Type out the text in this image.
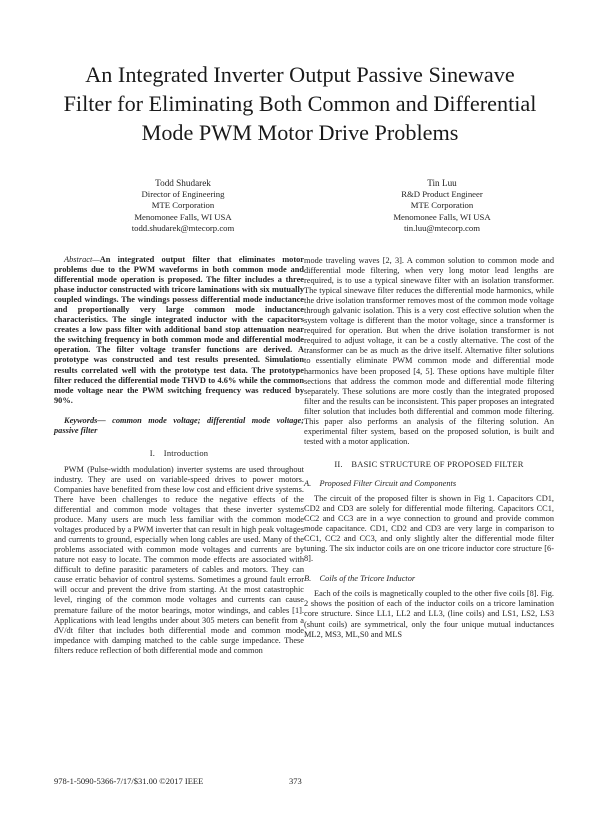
An Integrated Inverter Output Passive Sinewave
Filter for Eliminating Both Common and Differential
Mode PWM Motor Drive Problems
Todd Shudarek
Director of Engineering
MTE Corporation
Menomonee Falls, WI USA
todd.shudarek@mtecorp.com
Tin Luu
R&D Product Engineer
MTE Corporation
Menomonee Falls, WI USA
tin.luu@mtecorp.com

Abstract—An integrated output filter that eliminates motor problems due to the PWM waveforms in both common mode and differential mode operation is proposed. The filter includes a three phase inductor constructed with tricore laminations with six mutually coupled windings. The windings possess differential mode inductance and proportionally very large common mode inductance characteristics. The single integrated inductor with the capacitors creates a low pass filter with additional band stop attenuation near the switching frequency in both common mode and differential mode operation. The filter voltage transfer functions are derived. A prototype was constructed and test results presented. Simulation results correlated well with the prototype test data. The prototype filter reduced the differential mode THVD to 4.6% while the common mode voltage near the PWM switching frequency was reduced by 90%.

Keywords— common mode voltage; differential mode voltage; passive filter

I. Introduction

PWM (Pulse-width modulation) inverter systems are used throughout industry. They are used on variable-speed drives to power motors. Companies have benefited from these low cost and efficient drive systems. There have been challenges to reduce the negative effects of the differential and common mode voltages that these inverter systems produce. Many users are much less familiar with the common mode voltages produced by a PWM inverter that can result in high peak voltages and currents to ground, especially when long cables are used. Many of the problems associated with common mode voltages and currents are by nature not easy to locate. The common mode effects are associated with difficult to define parasitic parameters of cables and motors. They can cause erratic behavior of control systems. Sometimes a ground fault error will occur and prevent the drive from starting. At the most catastrophic level, ringing of the common mode voltages and currents can cause premature failure of the motor bearings, motor windings, and cables [1]. Applications with lead lengths under about 305 meters can benefit from a dV/dt filter that includes both differential mode and common mode impedance with damping matched to the cable surge impedance. These filters reduce reflection of both differential mode and common

mode traveling waves [2, 3]. A common solution to common mode and differential mode filtering, when very long motor lead lengths are required, is to use a typical sinewave filter with an isolation transformer. The typical sinewave filter reduces the differential mode harmonics, while the drive isolation transformer removes most of the common mode voltage through galvanic isolation. This is a very cost effective solution when the system voltage is different than the motor voltage, since a transformer is required for operation. But when the drive isolation transformer is not required to adjust voltage, it can be a costly alternative. The cost of the transformer can be as much as the drive itself. Alternative filter solutions to essentially eliminate PWM common mode and differential mode harmonics have been proposed [4, 5]. These options have multiple filter sections that address the common mode and differential mode filtering separately. These solutions are more costly than the integrated proposed filter and the results can be inconsistent. This paper proposes an integrated filter solution that includes both differential and common mode filtering. This paper also performs an analysis of the filtering solution. An experimental filter system, based on the proposed solution, is built and tested with a motor application.

II. BASIC STRUCTURE OF PROPOSED FILTER
A. Proposed Filter Circuit and Components

The circuit of the proposed filter is shown in Fig 1. Capacitors CD1, CD2 and CD3 are solely for differential mode filtering. Capacitors CC1, CC2 and CC3 are in a wye connection to ground and provide common mode capacitance. CD1, CD2 and CD3 are very large in comparison to CC1, CC2 and CC3, and only slightly alter the differential mode filter tuning. The six inductor coils are on one tricore inductor core structure [6-8].

B. Coils of the Tricore Inductor

Each of the coils is magnetically coupled to the other five coils [8]. Fig. 2 shows the position of each of the inductor coils on a tricore lamination core structure. Since LL1, LL2 and LL3, (line coils) and LS1, LS2, LS3 (shunt coils) are symmetrical, only the four unique mutual inductances ML2, MS3, ML,S0 and MLS

978-1-5090-5366-7/17/$31.00 ©2017 IEEE	373
